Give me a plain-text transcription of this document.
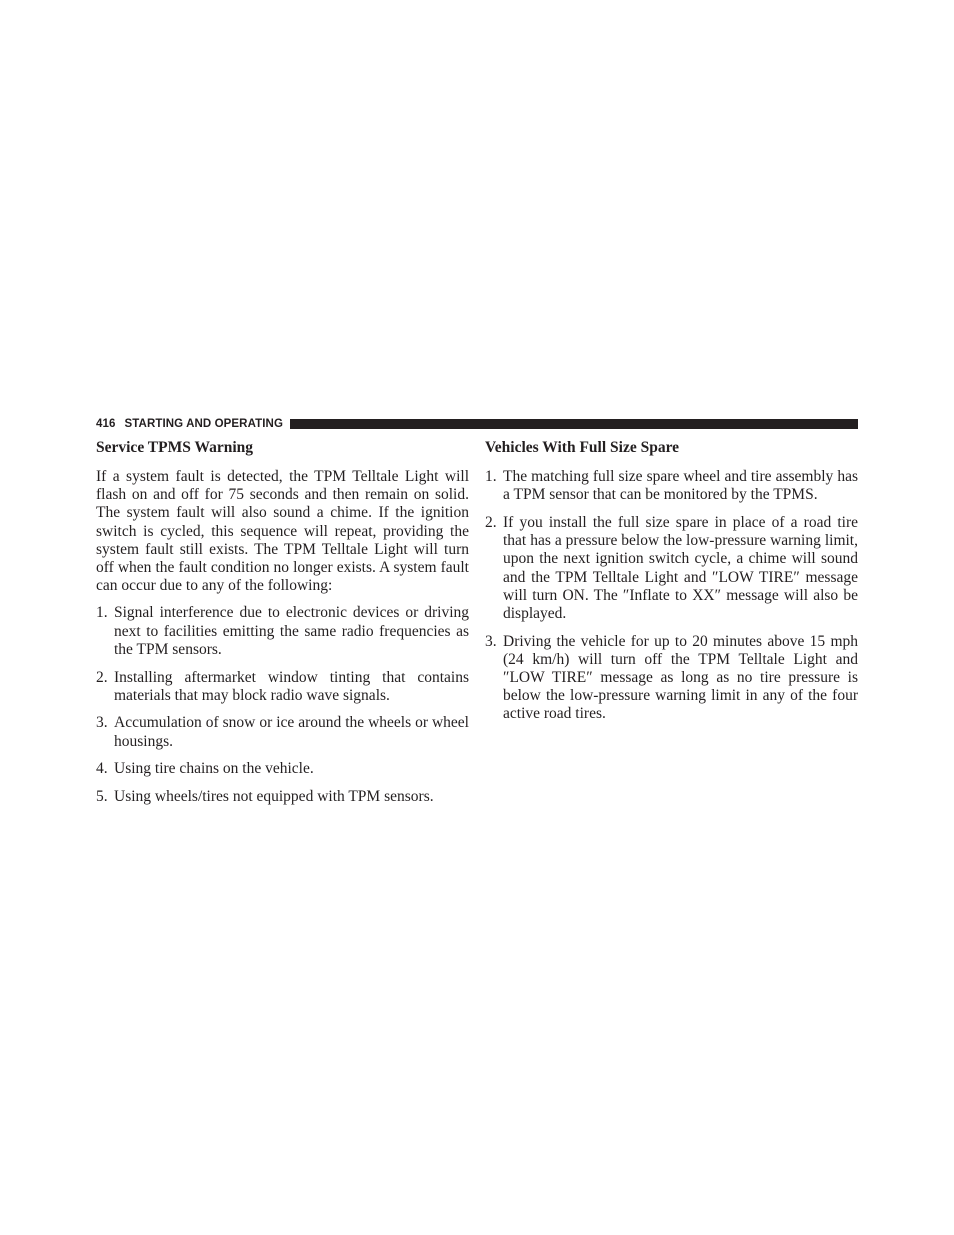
416 STARTING AND OPERATING
Service TPMS Warning

If a system fault is detected, the TPM Telltale Light will flash on and off for 75 seconds and then remain on solid. The system fault will also sound a chime. If the ignition switch is cycled, this sequence will repeat, providing the system fault still exists. The TPM Telltale Light will turn off when the fault condition no longer exists. A system fault can occur due to any of the following:

1. Signal interference due to electronic devices or driving next to facilities emitting the same radio frequencies as the TPM sensors.
2. Installing aftermarket window tinting that contains materials that may block radio wave signals.
3. Accumulation of snow or ice around the wheels or wheel housings.
4. Using tire chains on the vehicle.
5. Using wheels/tires not equipped with TPM sensors.
Vehicles With Full Size Spare
1. The matching full size spare wheel and tire assembly has a TPM sensor that can be monitored by the TPMS.
2. If you install the full size spare in place of a road tire that has a pressure below the low-pressure warning limit, upon the next ignition switch cycle, a chime will sound and the TPM Telltale Light and ″LOW TIRE″ message will turn ON. The ″Inflate to XX″ message will also be displayed.
3. Driving the vehicle for up to 20 minutes above 15 mph (24 km/h) will turn off the TPM Telltale Light and ″LOW TIRE″ message as long as no tire pressure is below the low-pressure warning limit in any of the four active road tires.
